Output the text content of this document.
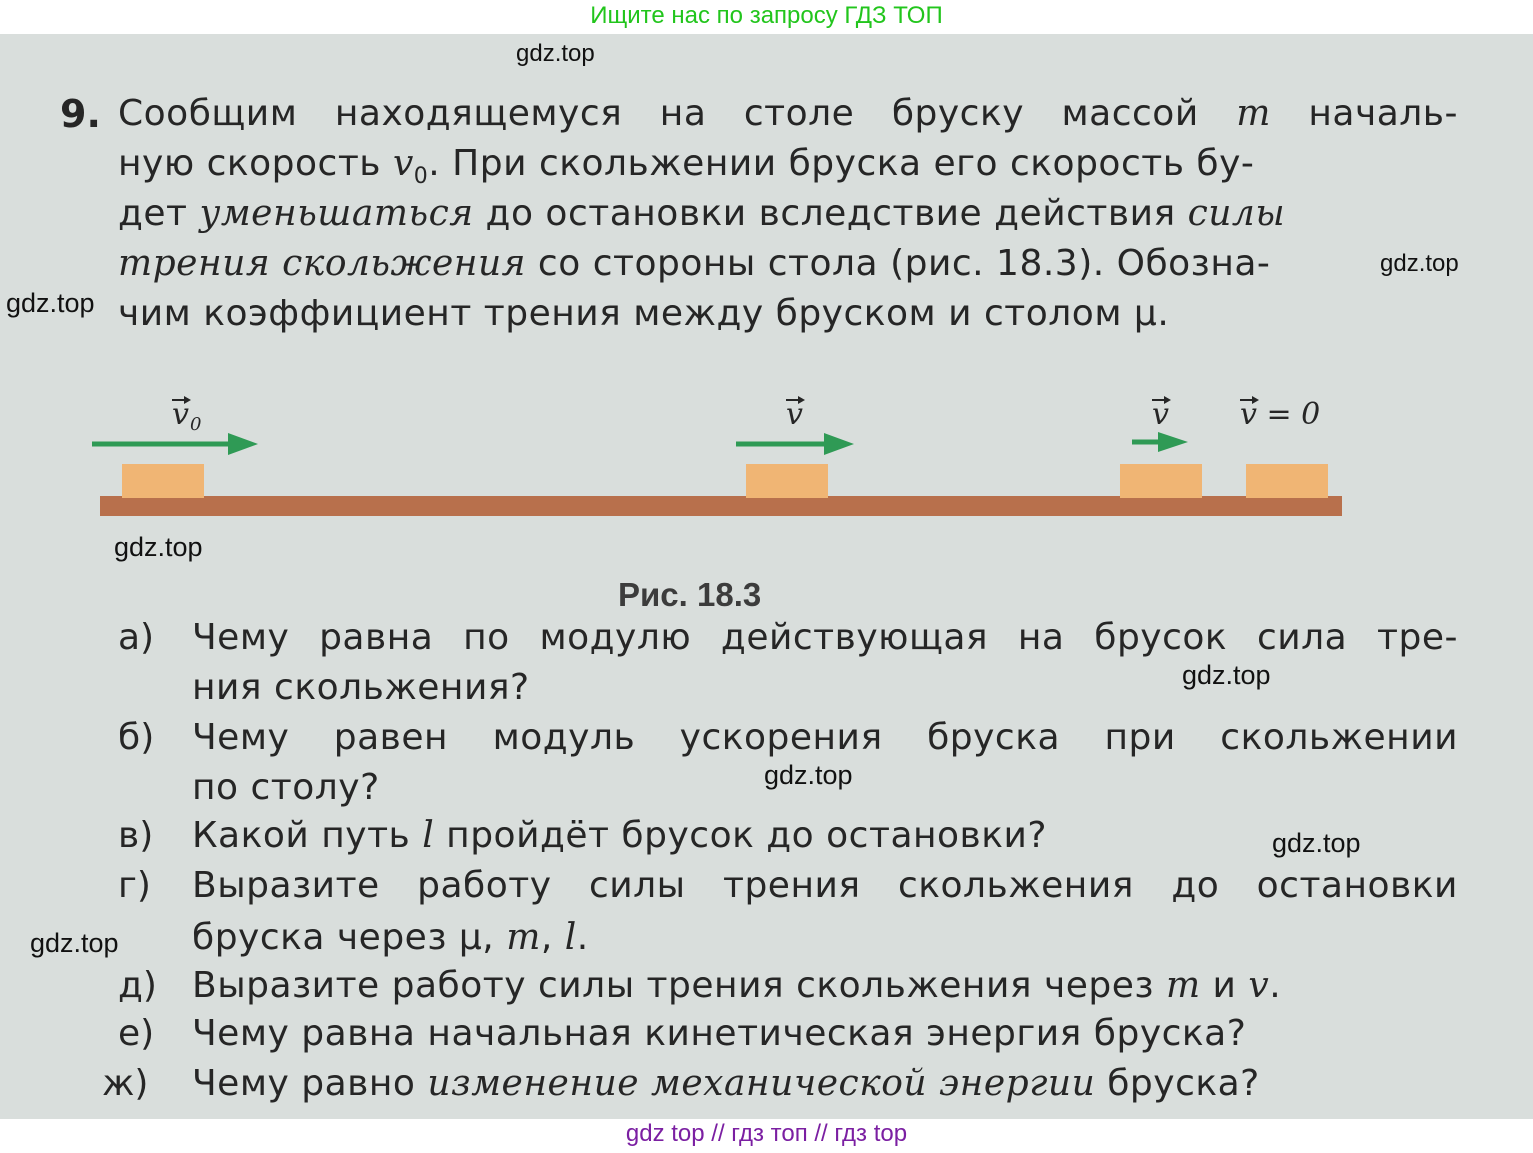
Ищите нас по запросу ГДЗ ТОП
9. Сообщим находящемуся на столе бруску массой m началь-
ную скорость $v_0$. При скольжении бруска его скорость бу-
дет уменьшаться до остановки вследствие действия силы
трения скольжения со стороны стола (рис. 18.3). Обозна-
чим коэффициент трения между бруском и столом μ.
v 0	v	v v = 0
Рис. 18.3
а) Чему равна по модулю действующая на брусок сила тре-
ния скольжения?
б) Чему равен модуль ускорения бруска при скольжении
по столу?
в) Какой путь l пройдёт брусок до остановки?
г) Выразите работу силы трения скольжения до остановки
бруска через μ, m, l.
д) Выразите работу силы трения скольжения через m и v.
е) Чему равна начальная кинетическая энергия бруска?
ж) Чему равно изменение механической энергии бруска?
gdz.top
gdz.top
gdz.top
gdz.top
gdz.top
gdz.top
gdz.top
gdz.top
gdz top // гдз топ // гдз top
